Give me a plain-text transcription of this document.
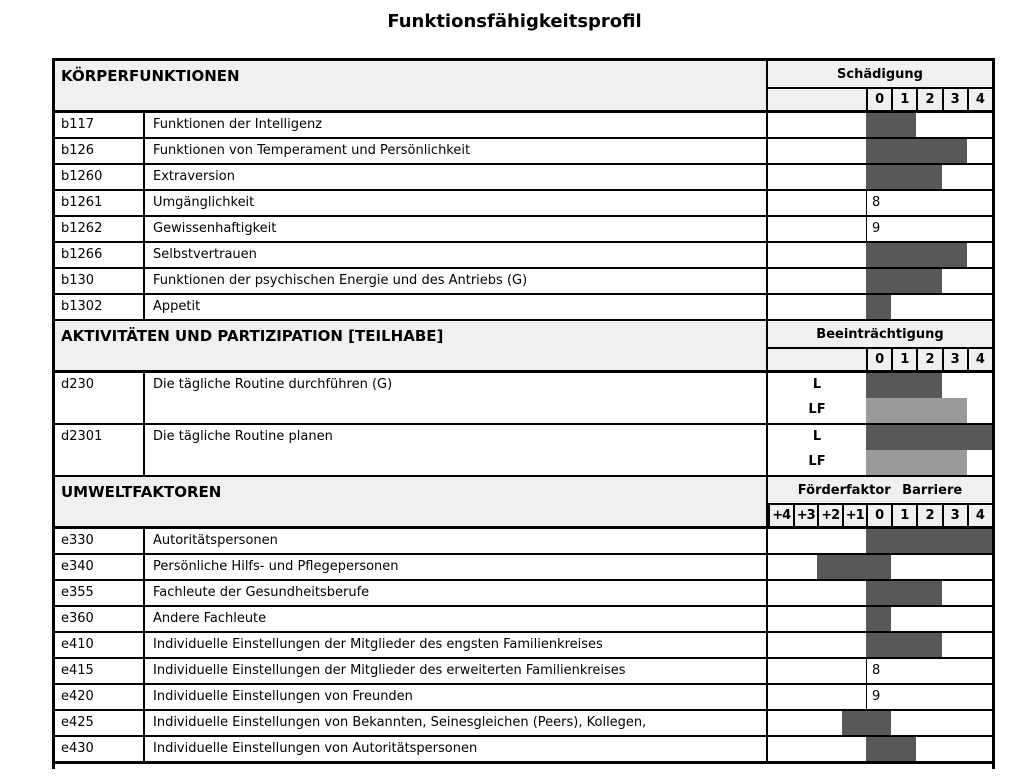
Funktionsfähigkeitsprofil
KÖRPERFUNKTIONEN	Schädigung
0	1	2	3	4
b117	Funktionen der Intelligenz
b126	Funktionen von Temperament und Persönlichkeit
b1260	Extraversion
b1261	Umgänglichkeit	8
b1262	Gewissenhaftigkeit	9
b1266	Selbstvertrauen
b130	Funktionen der psychischen Energie und des Antriebs (G)
b1302	Appetit
AKTIVITÄTEN UND PARTIZIPATION [TEILHABE]	Beeinträchtigung
0	1	2	3	4
d230	Die tägliche Routine durchführen (G)	L
LF
d2301	Die tägliche Routine planen	L
LF
UMWELTFAKTOREN	Förderfaktor Barriere
+4 +3 +2 +1 0	1	2	3	4
e330	Autoritätspersonen
e340	Persönliche Hilfs- und Pflegepersonen
e355	Fachleute der Gesundheitsberufe
e360	Andere Fachleute
e410	Individuelle Einstellungen der Mitglieder des engsten Familienkreises
e415	Individuelle Einstellungen der Mitglieder des erweiterten Familienkreises	8
e420	Individuelle Einstellungen von Freunden	9
e425	Individuelle Einstellungen von Bekannten, Seinesgleichen (Peers), Kollegen,
e430	Individuelle Einstellungen von Autoritätspersonen
